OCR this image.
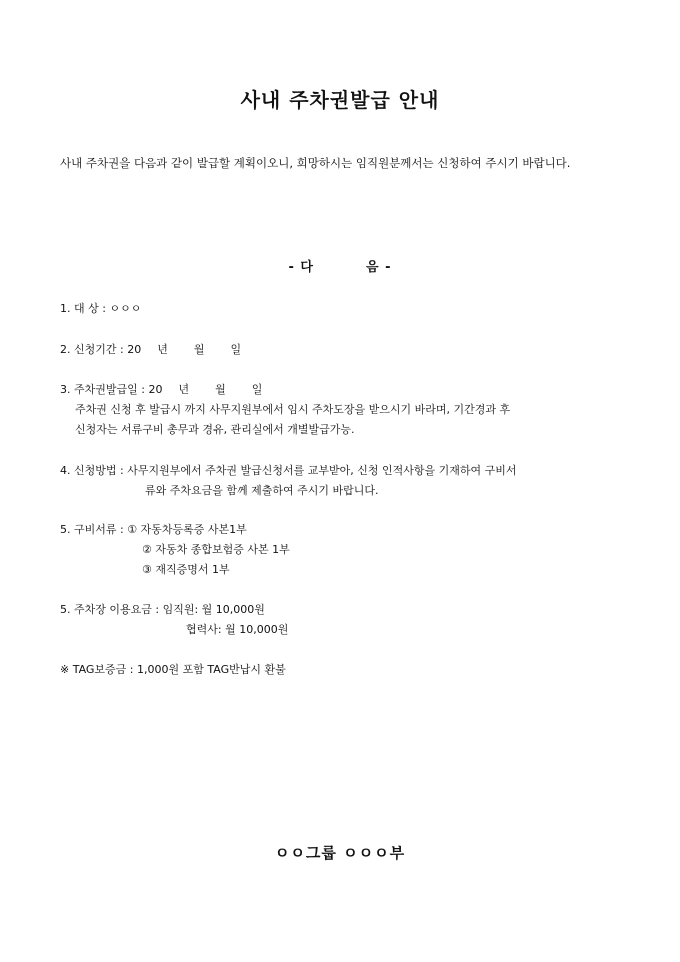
사내 주차권발급 안내
사내 주차권을 다음과 같이 발급할 계획이오니, 희망하시는 임직원분께서는 신청하여 주시기 바랍니다.
- 다	음 -
1. 대 상 : ㅇㅇㅇ
2. 신청기간 : 20 년 월 일
3. 주차권발급일 : 20 년 월 일
주차권 신청 후 발급시 까지 사무지원부에서 임시 주차도장을 받으시기 바라며, 기간경과 후
신청자는 서류구비 총무과 경유, 관리실에서 개별발급가능.
4. 신청방법 : 사무지원부에서 주차권 발급신청서를 교부받아, 신청 인적사항을 기재하여 구비서
류와 주차요금을 함께 제출하여 주시기 바랍니다.
5. 구비서류 : ① 자동차등록증 사본1부
② 자동차 종합보험증 사본 1부
③ 재직증명서 1부
5. 주차장 이용요금 : 임직원: 월 10,000원
협력사: 월 10,000원
※ TAG보증금 : 1,000원 포함 TAG반납시 환불
ㅇㅇ그룹 ㅇㅇㅇ부
